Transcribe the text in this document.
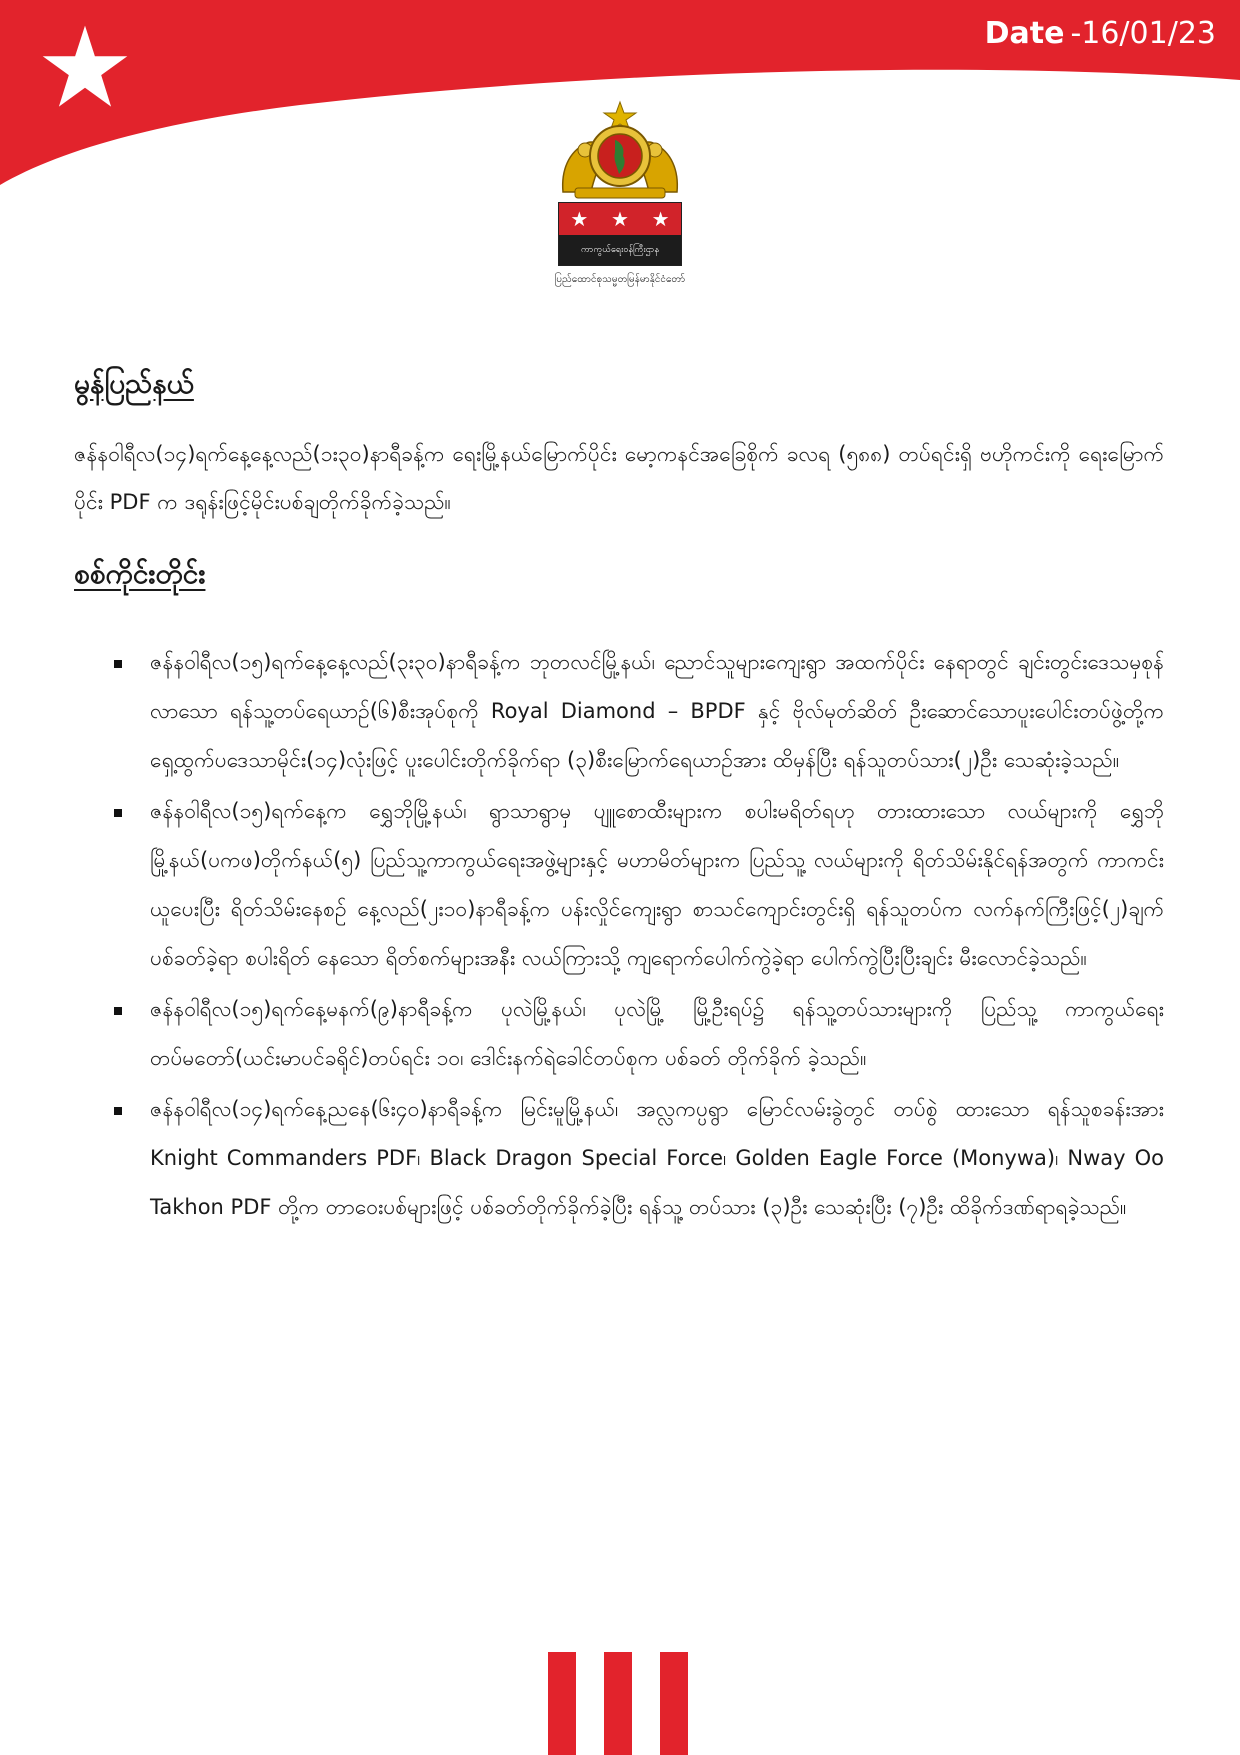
Date -16/01/23
★ ★ ★
ကာကွယ်ရေးဝန်ကြီးဌာန
ပြည်ထောင်စုသမ္မတမြန်မာနိုင်ငံတော်
မွန်ပြည်နယ်

ဇန်နဝါရီလ(၁၄)ရက်နေ့နေ့လည်(၁း၃၀)နာရီခန့်က ရေးမြို့နယ်မြောက်ပိုင်း မော့ကနင်အခြေစိုက် ခလရ (၅၈၈) တပ်ရင်းရှိ ဗဟိုကင်းကို ရေးမြောက်ပိုင်း PDF က ဒရုန်းဖြင့်မိုင်းပစ်ချတိုက်ခိုက်ခဲ့သည်။

စစ်ကိုင်းတိုင်း
ဇန်နဝါရီလ(၁၅)ရက်နေ့နေ့လည်(၃း၃၀)နာရီခန့်က ဘုတလင်မြို့နယ်၊ ညောင်သူများကျေးရွာ အထက်ပိုင်း နေရာတွင် ချင်းတွင်းဒေသမှစုန်လာသော ရန်သူ့တပ်ရေယာဉ်(၆)စီးအုပ်စုကို Royal Diamond – BPDF နှင့် ဗိုလ်မုတ်ဆိတ် ဦးဆောင်သောပူးပေါင်းတပ်ဖွဲ့တို့က ရှေ့ထွက်ပဒေသာမိုင်း(၁၄)လုံးဖြင့် ပူးပေါင်းတိုက်ခိုက်ရာ (၃)စီးမြောက်ရေယာဉ်အား ထိမှန်ပြီး ရန်သူတပ်သား(၂)ဦး သေဆုံးခဲ့သည်။
ဇန်နဝါရီလ(၁၅)ရက်နေ့က ရွှေဘိုမြို့နယ်၊ ရွာသာရွာမှ ပျူစောထီးများက စပါးမရိတ်ရဟု တားထားသော လယ်များကို ရွှေဘိုမြို့နယ်(ပကဖ)တိုက်နယ်(၅) ပြည်သူ့ကာကွယ်ရေးအဖွဲ့များနှင့် မဟာမိတ်များက ပြည်သူ့ လယ်များကို ရိတ်သိမ်းနိုင်ရန်အတွက် ကာကင်းယူပေးပြီး ရိတ်သိမ်းနေစဉ် နေ့လည်(၂း၁၀)နာရီခန့်က ပန်းလှိုင်ကျေးရွာ စာသင်ကျောင်းတွင်းရှိ ရန်သူတပ်က လက်နက်ကြီးဖြင့်(၂)ချက်ပစ်ခတ်ခဲ့ရာ စပါးရိတ် နေသော ရိတ်စက်များအနီး လယ်ကြားသို့ ကျရောက်ပေါက်ကွဲခဲ့ရာ ပေါက်ကွဲပြီးပြီးချင်း မီးလောင်ခဲ့သည်။
ဇန်နဝါရီလ(၁၅)ရက်နေ့မနက်(၉)နာရီခန့်က ပုလဲမြို့နယ်၊ ပုလဲမြို့ မြို့ဦးရပ်၌ ရန်သူ့တပ်သားများကို ပြည်သူ့ ကာကွယ်ရေးတပ်မတော်(ယင်းမာပင်ခရိုင်)တပ်ရင်း ၁၀၊ ဒေါင်းနက်ရဲခေါင်တပ်စုက ပစ်ခတ် တိုက်ခိုက် ခဲ့သည်။
ဇန်နဝါရီလ(၁၄)ရက်နေ့ညနေ(၆း၄၀)နာရီခန့်က မြင်းမူမြို့နယ်၊ အလ္လကပ္ပရွာ မြောင်လမ်းခွဲတွင် တပ်စွဲ ထားသော ရန်သူစခန်းအား Knight Commanders PDF၊ Black Dragon Special Force၊ Golden Eagle Force (Monywa)၊ Nway Oo Takhon PDF တို့က တာဝေးပစ်များဖြင့် ပစ်ခတ်တိုက်ခိုက်ခဲ့ပြီး ရန်သူ့ တပ်သား (၃)ဦး သေဆုံးပြီး (၇)ဦး ထိခိုက်ဒဏ်ရာရခဲ့သည်။
